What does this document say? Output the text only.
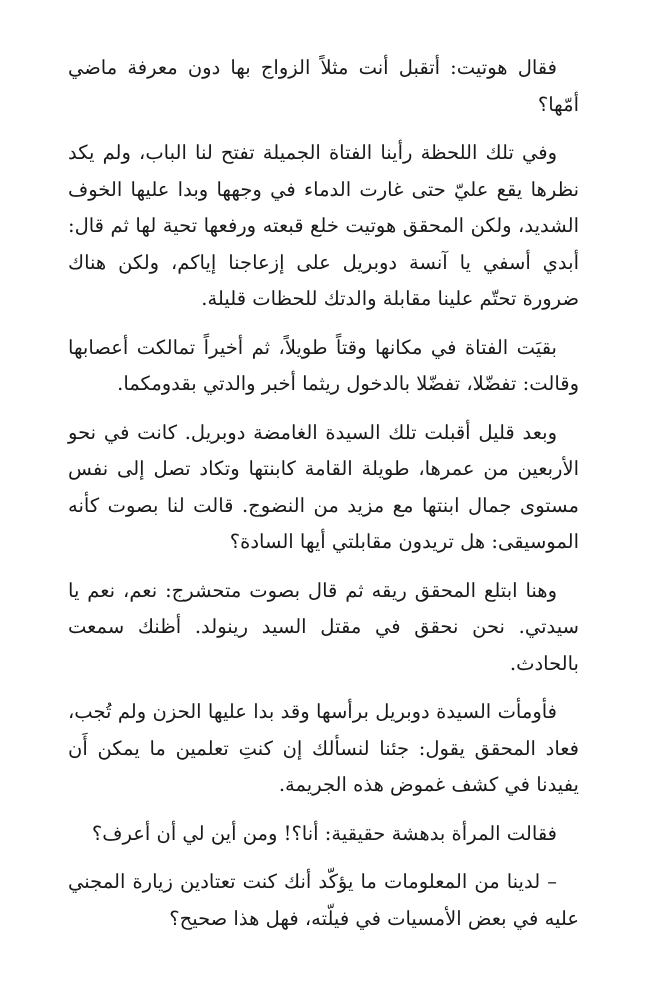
فقال هوتيت: أتقبل أنت مثلاً الزواج بها دون معرفة ماضي أمّها؟

وفي تلك اللحظة رأينا الفتاة الجميلة تفتح لنا الباب، ولم يكد نظرها يقع عليّ حتى غارت الدماء في وجهها وبدا عليها الخوف الشديد، ولكن المحقق هوتيت خلع قبعته ورفعها تحية لها ثم قال: أبدي أسفي يا آنسة دوبريل على إزعاجنا إياكم، ولكن هناك ضرورة تحتّم علينا مقابلة والدتك للحظات قليلة.

بقيَت الفتاة في مكانها وقتاً طويلاً، ثم أخيراً تمالكت أعصابها وقالت: تفضّلا، تفضّلا بالدخول ريثما أخبر والدتي بقدومكما.

وبعد قليل أقبلت تلك السيدة الغامضة دوبريل. كانت في نحو الأربعين من عمرها، طويلة القامة كابنتها وتكاد تصل إلى نفس مستوى جمال ابنتها مع مزيد من النضوج. قالت لنا بصوت كأنه الموسيقى: هل تريدون مقابلتي أيها السادة؟

وهنا ابتلع المحقق ريقه ثم قال بصوت متحشرج: نعم، نعم يا سيدتي. نحن نحقق في مقتل السيد رينولد. أظنك سمعت بالحادث.

فأومأت السيدة دوبريل برأسها وقد بدا عليها الحزن ولم تُجب، فعاد المحقق يقول: جئنا لنسألك إن كنتِ تعلمين ما يمكن أَن يفيدنا في كشف غموض هذه الجريمة.

فقالت المرأة بدهشة حقيقية: أنا؟! ومن أين لي أن أعرف؟

– لدينا من المعلومات ما يؤكّد أنك كنت تعتادين زيارة المجني عليه في بعض الأمسيات في فيلّته، فهل هذا صحيح؟
